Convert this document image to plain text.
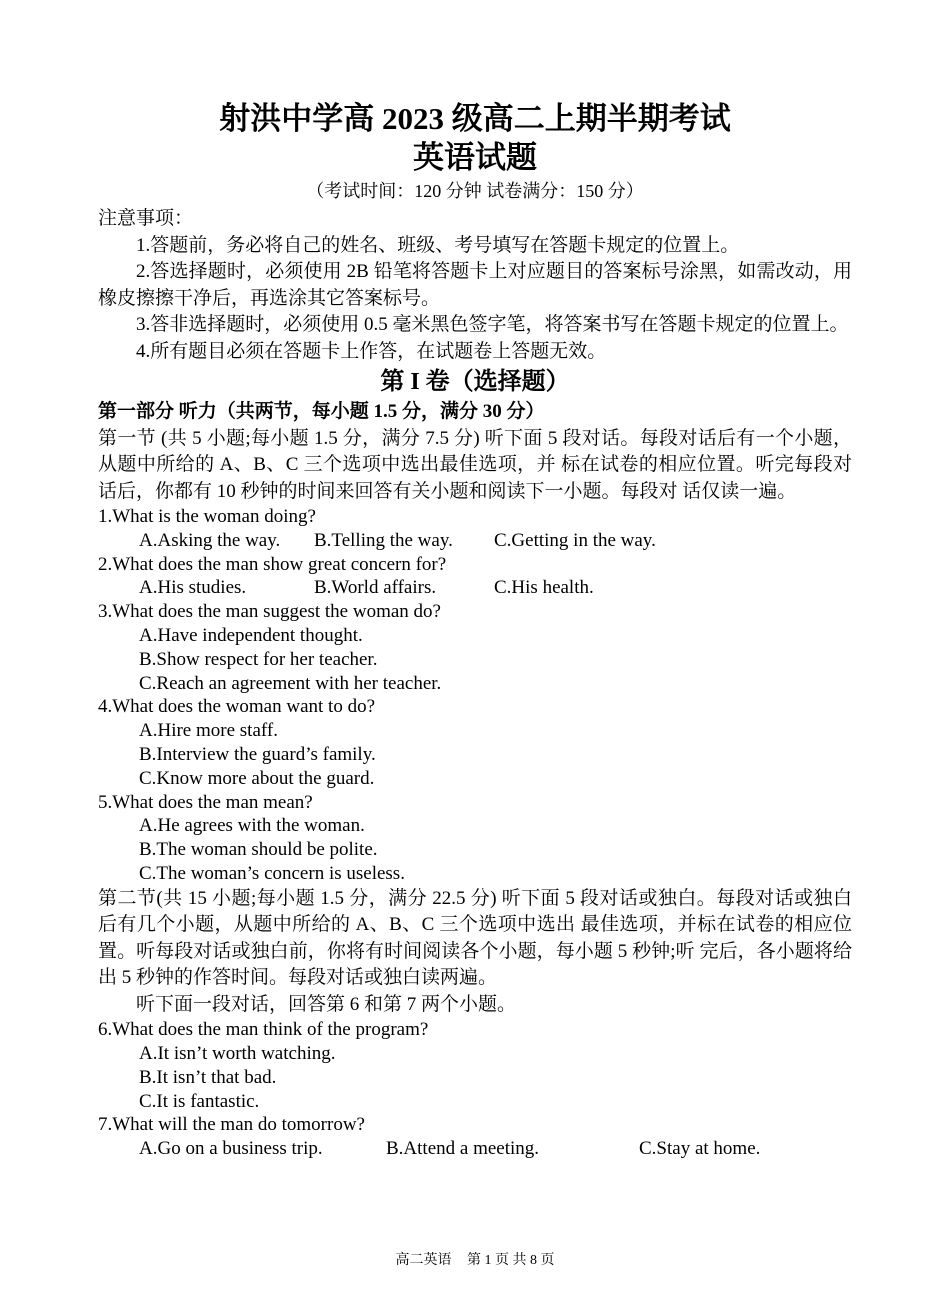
射洪中学高 2023 级高二上期半期考试
英语试题
（考试时间：120 分钟 试卷满分：150 分）
注意事项：
1.答题前，务必将自己的姓名、班级、考号填写在答题卡规定的位置上。
2.答选择题时，必须使用 2B 铅笔将答题卡上对应题目的答案标号涂黑，如需改动，用橡皮擦擦干净后，再选涂其它答案标号。
3.答非选择题时，必须使用 0.5 毫米黑色签字笔，将答案书写在答题卡规定的位置上。
4.所有题目必须在答题卡上作答，在试题卷上答题无效。
第 I 卷（选择题）
第一部分 听力（共两节，每小题 1.5 分，满分 30 分）
第一节 (共 5 小题;每小题 1.5 分，满分 7.5 分) 听下面 5 段对话。每段对话后有一个小题，从题中所给的 A、B、C 三个选项中选出最佳选项，并 标在试卷的相应位置。听完每段对话后，你都有 10 秒钟的时间来回答有关小题和阅读下一小题。每段对 话仅读一遍。
1.What is the woman doing?
A.Asking the way.	B.Telling the way.	C.Getting in the way.
2.What does the man show great concern for?
A.His studies.	B.World affairs.	C.His health.
3.What does the man suggest the woman do?
A.Have independent thought.
B.Show respect for her teacher.
C.Reach an agreement with her teacher.
4.What does the woman want to do?
A.Hire more staff.
B.Interview the guard’s family.
C.Know more about the guard.
5.What does the man mean?
A.He agrees with the woman.
B.The woman should be polite.
C.The woman’s concern is useless.
第二节(共 15 小题;每小题 1.5 分，满分 22.5 分) 听下面 5 段对话或独白。每段对话或独白后有几个小题，从题中所给的 A、B、C 三个选项中选出 最佳选项，并标在试卷的相应位置。听每段对话或独白前，你将有时间阅读各个小题，每小题 5 秒钟;听 完后，各小题将给出 5 秒钟的作答时间。每段对话或独白读两遍。
听下面一段对话，回答第 6 和第 7 两个小题。
6.What does the man think of the program?
A.It isn’t worth watching.
B.It isn’t that bad.
C.It is fantastic.
7.What will the man do tomorrow?
A.Go on a business trip.	B.Attend a meeting.	C.Stay at home.
高二英语 第 1 页 共 8 页
